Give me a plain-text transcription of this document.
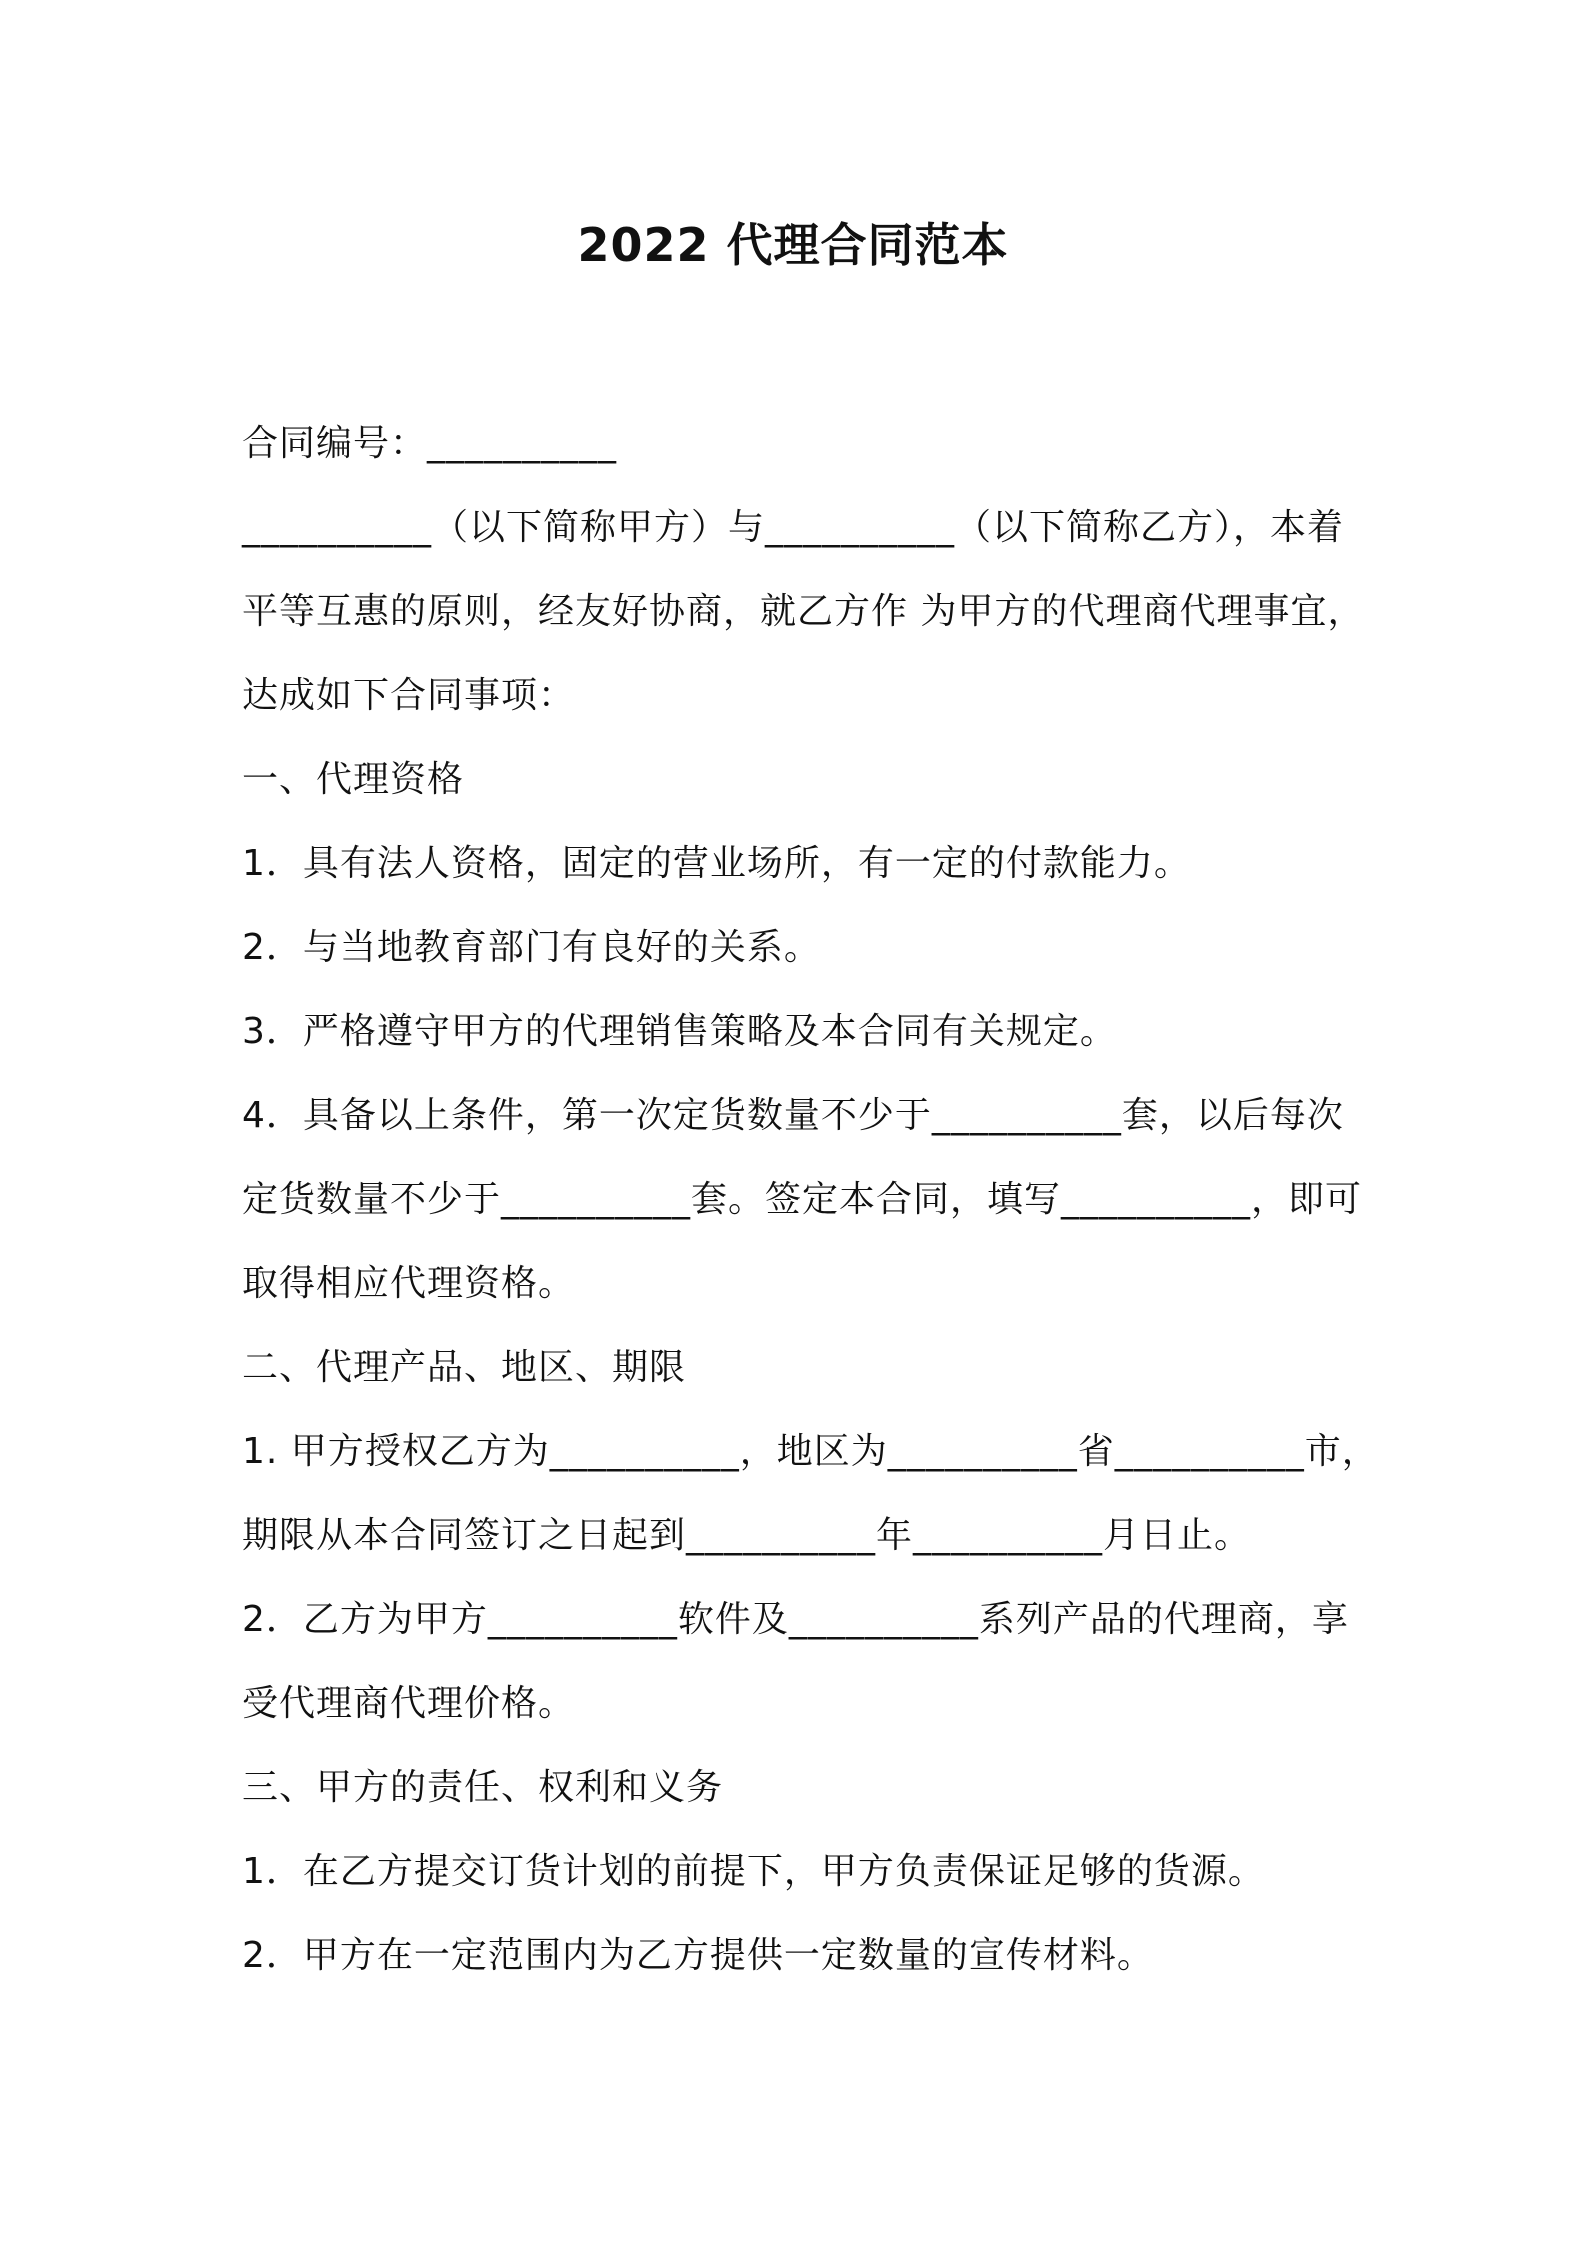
2022 代理合同范本
合同编号：__________
__________（以下简称甲方）与__________（以下简称乙方），本着
平等互惠的原则，经友好协商，就乙方作 为甲方的代理商代理事宜，
达成如下合同事项：
一、代理资格
1．具有法人资格，固定的营业场所，有一定的付款能力。
2．与当地教育部门有良好的关系。
3．严格遵守甲方的代理销售策略及本合同有关规定。
4．具备以上条件，第一次定货数量不少于__________套，以后每次
定货数量不少于__________套。签定本合同，填写__________，即可
取得相应代理资格。
二、代理产品、地区、期限
1. 甲方授权乙方为__________，地区为__________省__________市，
期限从本合同签订之日起到__________年__________月日止。
2．乙方为甲方__________软件及__________系列产品的代理商，享
受代理商代理价格。
三、甲方的责任、权利和义务
1．在乙方提交订货计划的前提下，甲方负责保证足够的货源。
2．甲方在一定范围内为乙方提供一定数量的宣传材料。
